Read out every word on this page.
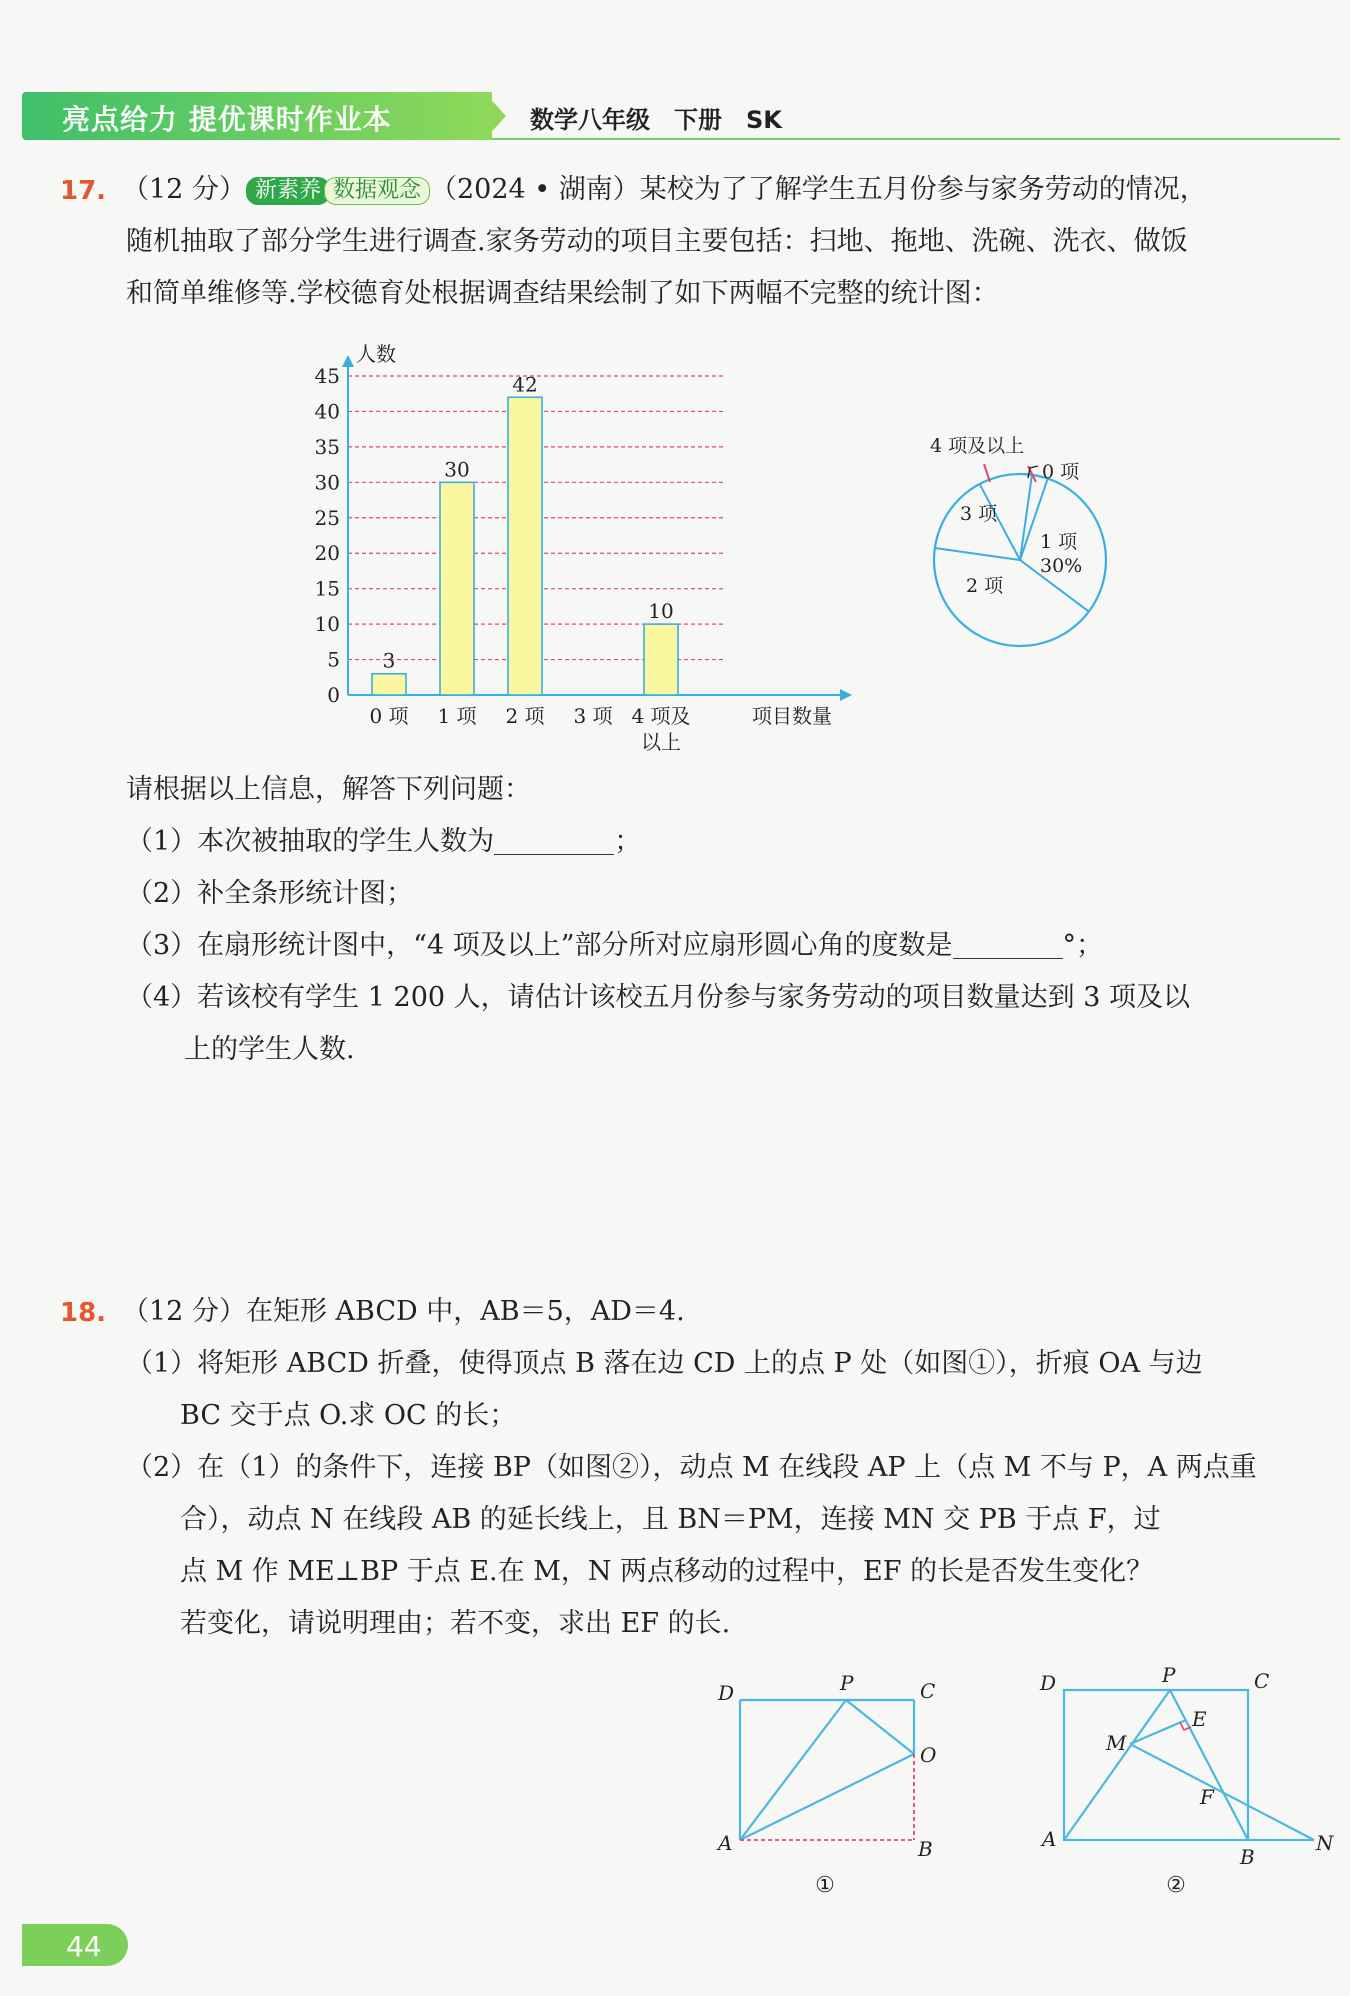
亮点给力 提优课时作业本	数学八年级　下册　SK
17. （12 分） 新素养 数据观念 （2024 • 湖南）某校为了了解学生五月份参与家务劳动的情况，
随机抽取了部分学生进行调查.家务劳动的项目主要包括：扫地、拖地、洗碗、洗衣、做饭
和简单维修等.学校德育处根据调查结果绘制了如下两幅不完整的统计图：
0
5
10
15
20
25
30
35
40
45
人数
项目数量
3
0 项
30
1 项
42
2 项 3 项
10
4 项及
以上
4 项及以上
0 项
3 项
1 项
30%
2 项
请根据以上信息，解答下列问题：
（1）本次被抽取的学生人数为	；
（2）补全条形统计图；
（3）在扇形统计图中，“4 项及以上”部分所对应扇形圆心角的度数是	°；
（4）若该校有学生 1 200 人，请估计该校五月份参与家务劳动的项目数量达到 3 项及以
上的学生人数.
18. （12 分）在矩形 ABCD 中，AB＝5，AD＝4.
（1）将矩形 ABCD 折叠，使得顶点 B 落在边 CD 上的点 P 处（如图①），折痕 OA 与边
BC 交于点 O.求 OC 的长；
（2）在（1）的条件下，连接 BP（如图②），动点 M 在线段 AP 上（点 M 不与 P，A 两点重
合），动点 N 在线段 AB 的延长线上，且 BN＝PM，连接 MN 交 PB 于点 F，过
点 M 作 ME⊥BP 于点 E.在 M，N 两点移动的过程中，EF 的长是否发生变化？
若变化，请说明理由；若不变，求出 EF 的长.
D	P	C
O
A	B
①
D	P	C
E
M
F
A
B
N
②
44
